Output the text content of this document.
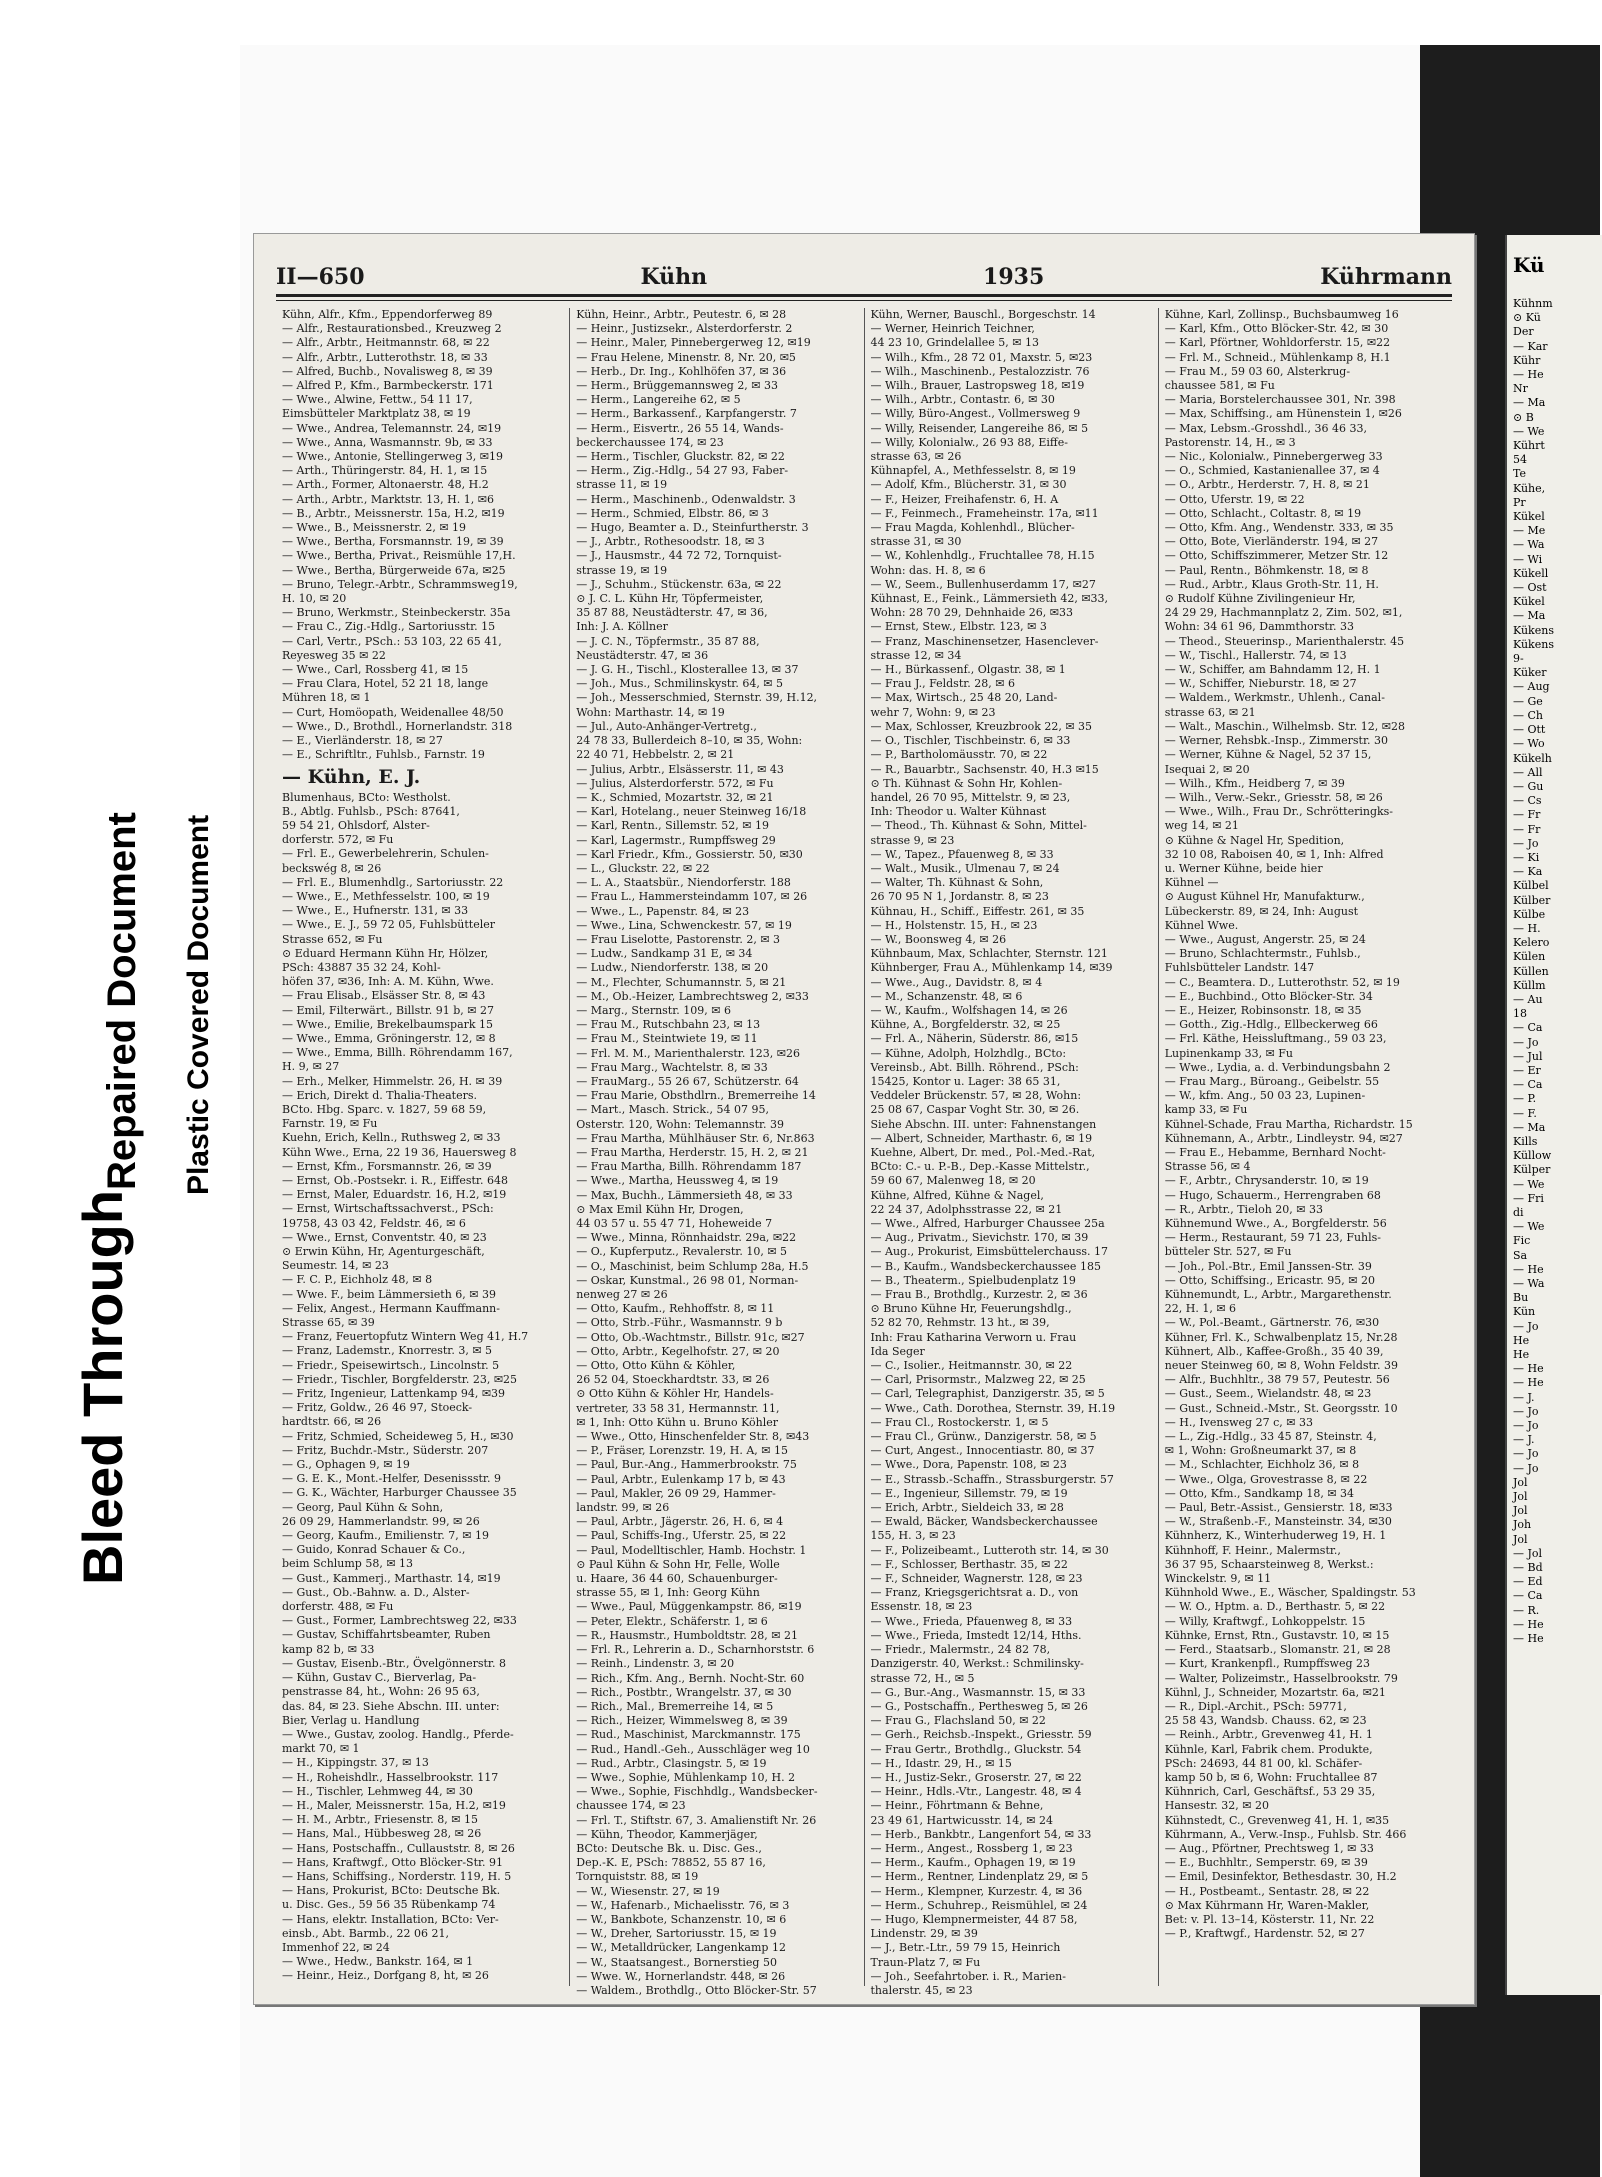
Bleed Through
Repaired Document Plastic Covered Document
II—650	Kühn	1935	Kührmann
Kühn, Alfr., Kfm., Eppendorferweg 89
— Alfr., Restaurationsbed., Kreuzweg 2
— Alfr., Arbtr., Heitmannstr. 68, ✉ 22
— Alfr., Arbtr., Lutterothstr. 18, ✉ 33
— Alfred, Buchb., Novalisweg 8, ✉ 39
— Alfred P., Kfm., Barmbeckerstr. 171
— Wwe., Alwine, Fettw., 54 11 17,
Eimsbütteler Marktplatz 38, ✉ 19
— Wwe., Andrea, Telemannstr. 24, ✉19
— Wwe., Anna, Wasmannstr. 9b, ✉ 33
— Wwe., Antonie, Stellingerweg 3, ✉19
— Arth., Thüringerstr. 84, H. 1, ✉ 15
— Arth., Former, Altonaerstr. 48, H.2
— Arth., Arbtr., Marktstr. 13, H. 1, ✉6
— B., Arbtr., Meissnerstr. 15a, H.2, ✉19
— Wwe., B., Meissnerstr. 2, ✉ 19
— Wwe., Bertha, Forsmannstr. 19, ✉ 39
— Wwe., Bertha, Privat., Reismühle 17,H.
— Wwe., Bertha, Bürgerweide 67a, ✉25
— Bruno, Telegr.-Arbtr., Schrammsweg19,
H. 10, ✉ 20
— Bruno, Werkmstr., Steinbeckerstr. 35a
— Frau C., Zig.-Hdlg., Sartoriusstr. 15
— Carl, Vertr., PSch.: 53 103, 22 65 41,
Reyesweg 35 ✉ 22
— Wwe., Carl, Rossberg 41, ✉ 15
— Frau Clara, Hotel, 52 21 18, lange
Mühren 18, ✉ 1
— Curt, Homöopath, Weidenallee 48/50
— Wwe., D., Brothdl., Hornerlandstr. 318
— E., Vierländerstr. 18, ✉ 27
— E., Schriftltr., Fuhlsb., Farnstr. 19
— Kühn, E. J.
Blumenhaus, BCto: Westholst.
B., Abtlg. Fuhlsb., PSch: 87641,
59 54 21, Ohlsdorf, Alster-
dorferstr. 572, ✉ Fu
— Frl. E., Gewerbelehrerin, Schulen-
beckswég 8, ✉ 26
— Frl. E., Blumenhdlg., Sartoriusstr. 22
— Wwe., E., Methfesselstr. 100, ✉ 19
— Wwe., E., Hufnerstr. 131, ✉ 33
— Wwe., E. J., 59 72 05, Fuhlsbütteler
Strasse 652, ✉ Fu
⊙ Eduard Hermann Kühn Hr, Hölzer,
PSch: 43887 35 32 24, Kohl-
höfen 37, ✉36, Inh: A. M. Kühn, Wwe.
— Frau Elisab., Elsässer Str. 8, ✉ 43
— Emil, Filterwärt., Billstr. 91 b, ✉ 27
— Wwe., Emilie, Brekelbaumspark 15
— Wwe., Emma, Gröningerstr. 12, ✉ 8
— Wwe., Emma, Billh. Röhrendamm 167,
H. 9, ✉ 27
— Erh., Melker, Himmelstr. 26, H. ✉ 39
— Erich, Direkt d. Thalia-Theaters.
BCto. Hbg. Sparc. v. 1827, 59 68 59,
Farnstr. 19, ✉ Fu
Kuehn, Erich, Kelln., Ruthsweg 2, ✉ 33
Kühn Wwe., Erna, 22 19 36, Hauersweg 8
— Ernst, Kfm., Forsmannstr. 26, ✉ 39
— Ernst, Ob.-Postsekr. i. R., Eiffestr. 648
— Ernst, Maler, Eduardstr. 16, H.2, ✉19
— Ernst, Wirtschaftssachverst., PSch:
19758, 43 03 42, Feldstr. 46, ✉ 6
— Wwe., Ernst, Conventstr. 40, ✉ 23
⊙ Erwin Kühn, Hr, Agenturgeschäft,
Seumestr. 14, ✉ 23
— F. C. P., Eichholz 48, ✉ 8
— Wwe. F., beim Lämmersieth 6, ✉ 39
— Felix, Angest., Hermann Kauffmann-
Strasse 65, ✉ 39
— Franz, Feuertopfutz Wintern Weg 41, H.7
— Franz, Lademstr., Knorrestr. 3, ✉ 5
— Friedr., Speisewirtsch., Lincolnstr. 5
— Friedr., Tischler, Borgfelderstr. 23, ✉25
— Fritz, Ingenieur, Lattenkamp 94, ✉39
— Fritz, Goldw., 26 46 97, Stoeck-
hardtstr. 66, ✉ 26
— Fritz, Schmied, Scheideweg 5, H., ✉30
— Fritz, Buchdr.-Mstr., Süderstr. 207
— G., Ophagen 9, ✉ 19
— G. E. K., Mont.-Helfer, Desenissstr. 9
— G. K., Wächter, Harburger Chaussee 35
— Georg, Paul Kühn & Sohn,
26 09 29, Hammerlandstr. 99, ✉ 26
— Georg, Kaufm., Emilienstr. 7, ✉ 19
— Guido, Konrad Schauer & Co.,
beim Schlump 58, ✉ 13
— Gust., Kammerj., Marthastr. 14, ✉19
— Gust., Ob.-Bahnw. a. D., Alster-
dorferstr. 488, ✉ Fu
— Gust., Former, Lambrechtsweg 22, ✉33
— Gustav, Schiffahrtsbeamter, Ruben
kamp 82 b, ✉ 33
— Gustav, Eisenb.-Btr., Övelgönnerstr. 8
— Kühn, Gustav C., Bierverlag, Pa-
penstrasse 84, ht., Wohn: 26 95 63,
das. 84, ✉ 23. Siehe Abschn. III. unter:
Bier, Verlag u. Handlung
— Wwe., Gustav, zoolog. Handlg., Pferde-
markt 70, ✉ 1
— H., Kippingstr. 37, ✉ 13
— H., Roheishdlr., Hasselbrookstr. 117
— H., Tischler, Lehmweg 44, ✉ 30
— H., Maler, Meissnerstr. 15a, H.2, ✉19
— H. M., Arbtr., Friesenstr. 8, ✉ 15
— Hans, Mal., Hübbesweg 28, ✉ 26
— Hans, Postschaffn., Cullauststr. 8, ✉ 26
— Hans, Kraftwgf., Otto Blöcker-Str. 91
— Hans, Schiffsing., Norderstr. 119, H. 5
— Hans, Prokurist, BCto: Deutsche Bk.
u. Disc. Ges., 59 56 35 Rübenkamp 74
— Hans, elektr. Installation, BCto: Ver-
einsb., Abt. Barmb., 22 06 21,
Immenhof 22, ✉ 24
— Wwe., Hedw., Bankstr. 164, ✉ 1
— Heinr., Heiz., Dorfgang 8, ht, ✉ 26
Kühn, Heinr., Arbtr., Peutestr. 6, ✉ 28
— Heinr., Justizsekr., Alsterdorferstr. 2
— Heinr., Maler, Pinnebergerweg 12, ✉19
— Frau Helene, Minenstr. 8, Nr. 20, ✉5
— Herb., Dr. Ing., Kohlhöfen 37, ✉ 36
— Herm., Brüggemannsweg 2, ✉ 33
— Herm., Langereihe 62, ✉ 5
— Herm., Barkassenf., Karpfangerstr. 7
— Herm., Eisvertr., 26 55 14, Wands-
beckerchaussee 174, ✉ 23
— Herm., Tischler, Gluckstr. 82, ✉ 22
— Herm., Zig.-Hdlg., 54 27 93, Faber-
strasse 11, ✉ 19
— Herm., Maschinenb., Odenwaldstr. 3
— Herm., Schmied, Elbstr. 86, ✉ 3
— Hugo, Beamter a. D., Steinfurtherstr. 3
— J., Arbtr., Rothesoodstr. 18, ✉ 3
— J., Hausmstr., 44 72 72, Tornquist-
strasse 19, ✉ 19
— J., Schuhm., Stückenstr. 63a, ✉ 22
⊙ J. C. L. Kühn Hr, Töpfermeister,
35 87 88, Neustädterstr. 47, ✉ 36,
Inh: J. A. Köllner
— J. C. N., Töpfermstr., 35 87 88,
Neustädterstr. 47, ✉ 36
— J. G. H., Tischl., Klosterallee 13, ✉ 37
— Joh., Mus., Schmilinskystr. 64, ✉ 5
— Joh., Messerschmied, Sternstr. 39, H.12,
Wohn: Marthastr. 14, ✉ 19
— Jul., Auto-Anhänger-Vertretg.,
24 78 33, Bullerdeich 8–10, ✉ 35, Wohn:
22 40 71, Hebbelstr. 2, ✉ 21
— Julius, Arbtr., Elsässerstr. 11, ✉ 43
— Julius, Alsterdorferstr. 572, ✉ Fu
— K., Schmied, Mozartstr. 32, ✉ 21
— Karl, Hotelang., neuer Steinweg 16/18
— Karl, Rentn., Sillemstr. 52, ✉ 19
— Karl, Lagermstr., Rumpffsweg 29
— Karl Friedr., Kfm., Gossierstr. 50, ✉30
— L., Gluckstr. 22, ✉ 22
— L. A., Staatsbür., Niendorferstr. 188
— Frau L., Hammersteindamm 107, ✉ 26
— Wwe., L., Papenstr. 84, ✉ 23
— Wwe., Lina, Schwenckestr. 57, ✉ 19
— Frau Liselotte, Pastorenstr. 2, ✉ 3
— Ludw., Sandkamp 31 E, ✉ 34
— Ludw., Niendorferstr. 138, ✉ 20
— M., Flechter, Schumannstr. 5, ✉ 21
— M., Ob.-Heizer, Lambrechtsweg 2, ✉33
— Marg., Sternstr. 109, ✉ 6
— Frau M., Rutschbahn 23, ✉ 13
— Frau M., Steintwiete 19, ✉ 11
— Frl. M. M., Marienthalerstr. 123, ✉26
— Frau Marg., Wachtelstr. 8, ✉ 33
— FrauMarg., 55 26 67, Schützerstr. 64
— Frau Marie, Obsthdlrn., Bremerreihe 14
— Mart., Masch. Strick., 54 07 95,
Osterstr. 120, Wohn: Telemannstr. 39
— Frau Martha, Mühlhäuser Str. 6, Nr.863
— Frau Martha, Herderstr. 15, H. 2, ✉ 21
— Frau Martha, Billh. Röhrendamm 187
— Wwe., Martha, Heussweg 4, ✉ 19
— Max, Buchh., Lämmersieth 48, ✉ 33
⊙ Max Emil Kühn Hr, Drogen,
44 03 57 u. 55 47 71, Hoheweide 7
— Wwe., Minna, Rönnhaidstr. 29a, ✉22
— O., Kupferputz., Revalerstr. 10, ✉ 5
— O., Maschinist, beim Schlump 28a, H.5
— Oskar, Kunstmal., 26 98 01, Norman-
nenweg 27 ✉ 26
— Otto, Kaufm., Rehhoffstr. 8, ✉ 11
— Otto, Strb.-Führ., Wasmannstr. 9 b
— Otto, Ob.-Wachtmstr., Billstr. 91c, ✉27
— Otto, Arbtr., Kegelhofstr. 27, ✉ 20
— Otto, Otto Kühn & Köhler,
26 52 04, Stoeckhardtstr. 33, ✉ 26
⊙ Otto Kühn & Köhler Hr, Handels-
vertreter, 33 58 31, Hermannstr. 11,
✉ 1, Inh: Otto Kühn u. Bruno Köhler
— Wwe., Otto, Hinschenfelder Str. 8, ✉43
— P., Fräser, Lorenzstr. 19, H. A, ✉ 15
— Paul, Bur.-Ang., Hammerbrookstr. 75
— Paul, Arbtr., Eulenkamp 17 b, ✉ 43
— Paul, Makler, 26 09 29, Hammer-
landstr. 99, ✉ 26
— Paul, Arbtr., Jägerstr. 26, H. 6, ✉ 4
— Paul, Schiffs-Ing., Uferstr. 25, ✉ 22
— Paul, Modelltischler, Hamb. Hochstr. 1
⊙ Paul Kühn & Sohn Hr, Felle, Wolle
u. Haare, 36 44 60, Schauenburger-
strasse 55, ✉ 1, Inh: Georg Kühn
— Wwe., Paul, Müggenkampstr. 86, ✉19
— Peter, Elektr., Schäferstr. 1, ✉ 6
— R., Hausmstr., Humboldtstr. 28, ✉ 21
— Frl. R., Lehrerin a. D., Scharnhorststr. 6
— Reinh., Lindenstr. 3, ✉ 20
— Rich., Kfm. Ang., Bernh. Nocht-Str. 60
— Rich., Postbtr., Wrangelstr. 37, ✉ 30
— Rich., Mal., Bremerreihe 14, ✉ 5
— Rich., Heizer, Wimmelsweg 8, ✉ 39
— Rud., Maschinist, Marckmannstr. 175
— Rud., Handl.-Geh., Ausschläger weg 10
— Rud., Arbtr., Clasingstr. 5, ✉ 19
— Wwe., Sophie, Mühlenkamp 10, H. 2
— Wwe., Sophie, Fischhdlg., Wandsbecker-
chaussee 174, ✉ 23
— Frl. T., Stiftstr. 67, 3. Amalienstift Nr. 26
— Kühn, Theodor, Kammerjäger,
BCto: Deutsche Bk. u. Disc. Ges.,
Dep.-K. E, PSch: 78852, 55 87 16,
Tornquiststr. 88, ✉ 19
— W., Wiesenstr. 27, ✉ 19
— W., Hafenarb., Michaelisstr. 76, ✉ 3
— W., Bankbote, Schanzenstr. 10, ✉ 6
— W., Dreher, Sartoriusstr. 15, ✉ 19
— W., Metalldrücker, Langenkamp 12
— W., Staatsangest., Bornerstieg 50
— Wwe. W., Hornerlandstr. 448, ✉ 26
— Waldem., Brothdlg., Otto Blöcker-Str. 57
Kühn, Werner, Bauschl., Borgeschstr. 14
— Werner, Heinrich Teichner,
44 23 10, Grindelallee 5, ✉ 13
— Wilh., Kfm., 28 72 01, Maxstr. 5, ✉23
— Wilh., Maschinenb., Pestalozzistr. 76
— Wilh., Brauer, Lastropsweg 18, ✉19
— Wilh., Arbtr., Contastr. 6, ✉ 30
— Willy, Büro-Angest., Vollmersweg 9
— Willy, Reisender, Langereihe 86, ✉ 5
— Willy, Kolonialw., 26 93 88, Eiffe-
strasse 63, ✉ 26
Kühnapfel, A., Methfesselstr. 8, ✉ 19
— Adolf, Kfm., Blücherstr. 31, ✉ 30
— F., Heizer, Freihafenstr. 6, H. A
— F., Feinmech., Frameheinstr. 17a, ✉11
— Frau Magda, Kohlenhdl., Blücher-
strasse 31, ✉ 30
— W., Kohlenhdlg., Fruchtallee 78, H.15
Wohn: das. H. 8, ✉ 6
— W., Seem., Bullenhuserdamm 17, ✉27
Kühnast, E., Feink., Lämmersieth 42, ✉33,
Wohn: 28 70 29, Dehnhaide 26, ✉33
— Ernst, Stew., Elbstr. 123, ✉ 3
— Franz, Maschinensetzer, Hasenclever-
strasse 12, ✉ 34
— H., Bürkassenf., Olgastr. 38, ✉ 1
— Frau J., Feldstr. 28, ✉ 6
— Max, Wirtsch., 25 48 20, Land-
wehr 7, Wohn: 9, ✉ 23
— Max, Schlosser, Kreuzbrook 22, ✉ 35
— O., Tischler, Tischbeinstr. 6, ✉ 33
— P., Bartholomäusstr. 70, ✉ 22
— R., Bauarbtr., Sachsenstr. 40, H.3 ✉15
⊙ Th. Kühnast & Sohn Hr, Kohlen-
handel, 26 70 95, Mittelstr. 9, ✉ 23,
Inh: Theodor u. Walter Kühnast
— Theod., Th. Kühnast & Sohn, Mittel-
strasse 9, ✉ 23
— W., Tapez., Pfauenweg 8, ✉ 33
— Walt., Musik., Ulmenau 7, ✉ 24
— Walter, Th. Kühnast & Sohn,
26 70 95 N 1, Jordanstr. 8, ✉ 23
Kühnau, H., Schiff., Eiffestr. 261, ✉ 35
— H., Holstenstr. 15, H., ✉ 23
— W., Boonsweg 4, ✉ 26
Kühnbaum, Max, Schlachter, Sternstr. 121
Kühnberger, Frau A., Mühlenkamp 14, ✉39
— Wwe., Aug., Davidstr. 8, ✉ 4
— M., Schanzenstr. 48, ✉ 6
— W., Kaufm., Wolfshagen 14, ✉ 26
Kühne, A., Borgfelderstr. 32, ✉ 25
— Frl. A., Näherin, Süderstr. 86, ✉15
— Kühne, Adolph, Holzhdlg., BCto:
Vereinsb., Abt. Billh. Röhrend., PSch:
15425, Kontor u. Lager: 38 65 31,
Veddeler Brückenstr. 57, ✉ 28, Wohn:
25 08 67, Caspar Voght Str. 30, ✉ 26.
Siehe Abschn. III. unter: Fahnenstangen
— Albert, Schneider, Marthastr. 6, ✉ 19
Kuehne, Albert, Dr. med., Pol.-Med.-Rat,
BCto: C.- u. P.-B., Dep.-Kasse Mittelstr.,
59 60 67, Malenweg 18, ✉ 20
Kühne, Alfred, Kühne & Nagel,
22 24 37, Adolphsstrasse 22, ✉ 21
— Wwe., Alfred, Harburger Chaussee 25a
— Aug., Privatm., Sievichstr. 170, ✉ 39
— Aug., Prokurist, Eimsbüttelerchauss. 17
— B., Kaufm., Wandsbeckerchaussee 185
— B., Theaterm., Spielbudenplatz 19
— Frau B., Brothdlg., Kurzestr. 2, ✉ 36
⊙ Bruno Kühne Hr, Feuerungshdlg.,
52 82 70, Rehmstr. 13 ht., ✉ 39,
Inh: Frau Katharina Verworn u. Frau
Ida Seger
— C., Isolier., Heitmannstr. 30, ✉ 22
— Carl, Prisormstr., Malzweg 22, ✉ 25
— Carl, Telegraphist, Danzigerstr. 35, ✉ 5
— Wwe., Cath. Dorothea, Sternstr. 39, H.19
— Frau Cl., Rostockerstr. 1, ✉ 5
— Frau Cl., Grünw., Danzigerstr. 58, ✉ 5
— Curt, Angest., Innocentiastr. 80, ✉ 37
— Wwe., Dora, Papenstr. 108, ✉ 23
— E., Strassb.-Schaffn., Strassburgerstr. 57
— E., Ingenieur, Sillemstr. 79, ✉ 19
— Erich, Arbtr., Sieldeich 33, ✉ 28
— Ewald, Bäcker, Wandsbeckerchaussee
155, H. 3, ✉ 23
— F., Polizeibeamt., Lutteroth str. 14, ✉ 30
— F., Schlosser, Berthastr. 35, ✉ 22
— F., Schneider, Wagnerstr. 128, ✉ 23
— Franz, Kriegsgerichtsrat a. D., von
Essenstr. 18, ✉ 23
— Wwe., Frieda, Pfauenweg 8, ✉ 33
— Wwe., Frieda, Imstedt 12/14, Hths.
— Friedr., Malermstr., 24 82 78,
Danzigerstr. 40, Werkst.: Schmilinsky-
strasse 72, H., ✉ 5
— G., Bur.-Ang., Wasmannstr. 15, ✉ 33
— G., Postschaffn., Perthesweg 5, ✉ 26
— Frau G., Flachsland 50, ✉ 22
— Gerh., Reichsb.-Inspekt., Griesstr. 59
— Frau Gertr., Brothdlg., Gluckstr. 54
— H., Idastr. 29, H., ✉ 15
— H., Justiz-Sekr., Groserstr. 27, ✉ 22
— Heinr., Hdls.-Vtr., Langestr. 48, ✉ 4
— Heinr., Föhrtmann & Behne,
23 49 61, Hartwicusstr. 14, ✉ 24
— Herb., Bankbtr., Langenfort 54, ✉ 33
— Herm., Angest., Rossberg 1, ✉ 23
— Herm., Kaufm., Ophagen 19, ✉ 19
— Herm., Rentner, Lindenplatz 29, ✉ 5
— Herm., Klempner, Kurzestr. 4, ✉ 36
— Herm., Schuhrep., Reismühlel, ✉ 24
— Hugo, Klempnermeister, 44 87 58,
Lindenstr. 29, ✉ 39
— J., Betr.-Ltr., 59 79 15, Heinrich
Traun-Platz 7, ✉ Fu
— Joh., Seefahrtober. i. R., Marien-
thalerstr. 45, ✉ 23
Kühne, Karl, Zollinsp., Buchsbaumweg 16
— Karl, Kfm., Otto Blöcker-Str. 42, ✉ 30
— Karl, Pförtner, Wohldorferstr. 15, ✉22
— Frl. M., Schneid., Mühlenkamp 8, H.1
— Frau M., 59 03 60, Alsterkrug-
chaussee 581, ✉ Fu
— Maria, Borstelerchaussee 301, Nr. 398
— Max, Schiffsing., am Hünenstein 1, ✉26
— Max, Lebsm.-Grosshdl., 36 46 33,
Pastorenstr. 14, H., ✉ 3
— Nic., Kolonialw., Pinnebergerweg 33
— O., Schmied, Kastanienallee 37, ✉ 4
— O., Arbtr., Herderstr. 7, H. 8, ✉ 21
— Otto, Uferstr. 19, ✉ 22
— Otto, Schlacht., Coltastr. 8, ✉ 19
— Otto, Kfm. Ang., Wendenstr. 333, ✉ 35
— Otto, Bote, Vierländerstr. 194, ✉ 27
— Otto, Schiffszimmerer, Metzer Str. 12
— Paul, Rentn., Böhmkenstr. 18, ✉ 8
— Rud., Arbtr., Klaus Groth-Str. 11, H.
⊙ Rudolf Kühne Zivilingenieur Hr,
24 29 29, Hachmannplatz 2, Zim. 502, ✉1,
Wohn: 34 61 96, Dammthorstr. 33
— Theod., Steuerinsp., Marienthalerstr. 45
— W., Tischl., Hallerstr. 74, ✉ 13
— W., Schiffer, am Bahndamm 12, H. 1
— W., Schiffer, Nieburstr. 18, ✉ 27
— Waldem., Werkmstr., Uhlenh., Canal-
strasse 63, ✉ 21
— Walt., Maschin., Wilhelmsb. Str. 12, ✉28
— Werner, Rehsbk.-Insp., Zimmerstr. 30
— Werner, Kühne & Nagel, 52 37 15,
Isequai 2, ✉ 20
— Wilh., Kfm., Heidberg 7, ✉ 39
— Wilh., Verw.-Sekr., Griesstr. 58, ✉ 26
— Wwe., Wilh., Frau Dr., Schrötteringks-
weg 14, ✉ 21
⊙ Kühne & Nagel Hr, Spedition,
32 10 08, Raboisen 40, ✉ 1, Inh: Alfred
u. Werner Kühne, beide hier
Kühnel —
⊙ August Kühnel Hr, Manufakturw.,
Lübeckerstr. 89, ✉ 24, Inh: August
Kühnel Wwe.
— Wwe., August, Angerstr. 25, ✉ 24
— Bruno, Schlachtermstr., Fuhlsb.,
Fuhlsbütteler Landstr. 147
— C., Beamtera. D., Lutterothstr. 52, ✉ 19
— E., Buchbind., Otto Blöcker-Str. 34
— E., Heizer, Robinsonstr. 18, ✉ 35
— Gotth., Zig.-Hdlg., Ellbeckerweg 66
— Frl. Käthe, Heissluftmang., 59 03 23,
Lupinenkamp 33, ✉ Fu
— Wwe., Lydia, a. d. Verbindungsbahn 2
— Frau Marg., Büroang., Geibelstr. 55
— W., kfm. Ang., 50 03 23, Lupinen-
kamp 33, ✉ Fu
Kühnel-Schade, Frau Martha, Richardstr. 15
Kühnemann, A., Arbtr., Lindleystr. 94, ✉27
— Frau E., Hebamme, Bernhard Nocht-
Strasse 56, ✉ 4
— F., Arbtr., Chrysanderstr. 10, ✉ 19
— Hugo, Schauerm., Herrengraben 68
— R., Arbtr., Tieloh 20, ✉ 33
Kühnemund Wwe., A., Borgfelderstr. 56
— Herm., Restaurant, 59 71 23, Fuhls-
bütteler Str. 527, ✉ Fu
— Joh., Pol.-Btr., Emil Janssen-Str. 39
— Otto, Schiffsing., Ericastr. 95, ✉ 20
Kühnemundt, L., Arbtr., Margarethenstr.
22, H. 1, ✉ 6
— W., Pol.-Beamt., Gärtnerstr. 76, ✉30
Kühner, Frl. K., Schwalbenplatz 15, Nr.28
Kühnert, Alb., Kaffee-Großh., 35 40 39,
neuer Steinweg 60, ✉ 8, Wohn Feldstr. 39
— Alfr., Buchhltr., 38 79 57, Peutestr. 56
— Gust., Seem., Wielandstr. 48, ✉ 23
— Gust., Schneid.-Mstr., St. Georgsstr. 10
— H., Ivensweg 27 c, ✉ 33
— L., Zig.-Hdlg., 33 45 87, Steinstr. 4,
✉ 1, Wohn: Großneumarkt 37, ✉ 8
— M., Schlachter, Eichholz 36, ✉ 8
— Wwe., Olga, Grovestrasse 8, ✉ 22
— Otto, Kfm., Sandkamp 18, ✉ 34
— Paul, Betr.-Assist., Gensierstr. 18, ✉33
— W., Straßenb.-F., Mansteinstr. 34, ✉30
Kühnherz, K., Winterhuderweg 19, H. 1
Kühnhoff, F. Heinr., Malermstr.,
36 37 95, Schaarsteinweg 8, Werkst.:
Winckelstr. 9, ✉ 11
Kühnhold Wwe., E., Wäscher, Spaldingstr. 53
— W. O., Hptm. a. D., Berthastr. 5, ✉ 22
— Willy, Kraftwgf., Lohkoppelstr. 15
Kühnke, Ernst, Rtn., Gustavstr. 10, ✉ 15
— Ferd., Staatsarb., Slomanstr. 21, ✉ 28
— Kurt, Krankenpfl., Rumpffsweg 23
— Walter, Polizeimstr., Hasselbrookstr. 79
Kühnl, J., Schneider, Mozartstr. 6a, ✉21
— R., Dipl.-Archit., PSch: 59771,
25 58 43, Wandsb. Chauss. 62, ✉ 23
— Reinh., Arbtr., Grevenweg 41, H. 1
Kühnle, Karl, Fabrik chem. Produkte,
PSch: 24693, 44 81 00, kl. Schäfer-
kamp 50 b, ✉ 6, Wohn: Fruchtallee 87
Kühnrich, Carl, Geschäftsf., 53 29 35,
Hansestr. 32, ✉ 20
Kühnstedt, C., Grevenweg 41, H. 1, ✉35
Kührmann, A., Verw.-Insp., Fuhlsb. Str. 466
— Aug., Pförtner, Prechtsweg 1, ✉ 33
— E., Buchhltr., Semperstr. 69, ✉ 39
— Emil, Desinfektor, Bethesdastr. 30, H.2
— H., Postbeamt., Sentastr. 28, ✉ 22
⊙ Max Kührmann Hr, Waren-Makler,
Bet: v. Pl. 13–14, Kösterstr. 11, Nr. 22
— P., Kraftwgf., Hardenstr. 52, ✉ 27
Kü
Kühnm
⊙ Kü
Der
— Kar
Kühr
— He
Nr
— Ma
⊙ B
— We
Kührt
54
Te
Kühe,
Pr
Kükel
— Me
— Wa
— Wi
Kükell
— Ost
Kükel
— Ma
Kükens
Kükens
9-
Küker
— Aug
— Ge
— Ch
— Ott
— Wo
Kükelh
— All
— Gu
— Cs
— Fr
— Fr
— Jo
— Ki
— Ka
Külbel
Külber
Külbe
— H.
Kelero
Külen
Küllen
Küllm
— Au
18
— Ca
— Jo
— Jul
— Er
— Ca
— P.
— F.
— Ma
Kills
Küllow
Külper
— We
— Fri
di
— We
Fic
Sa
— He
— Wa
Bu
Kün
— Jo
He
He
— He
— He
— J.
— Jo
— Jo
— J.
— Jo
— Jo
Jol
Jol
Jol
Joh
Jol
— Jol
— Bd
— Ed
— Ca
— R.
— He
— He
